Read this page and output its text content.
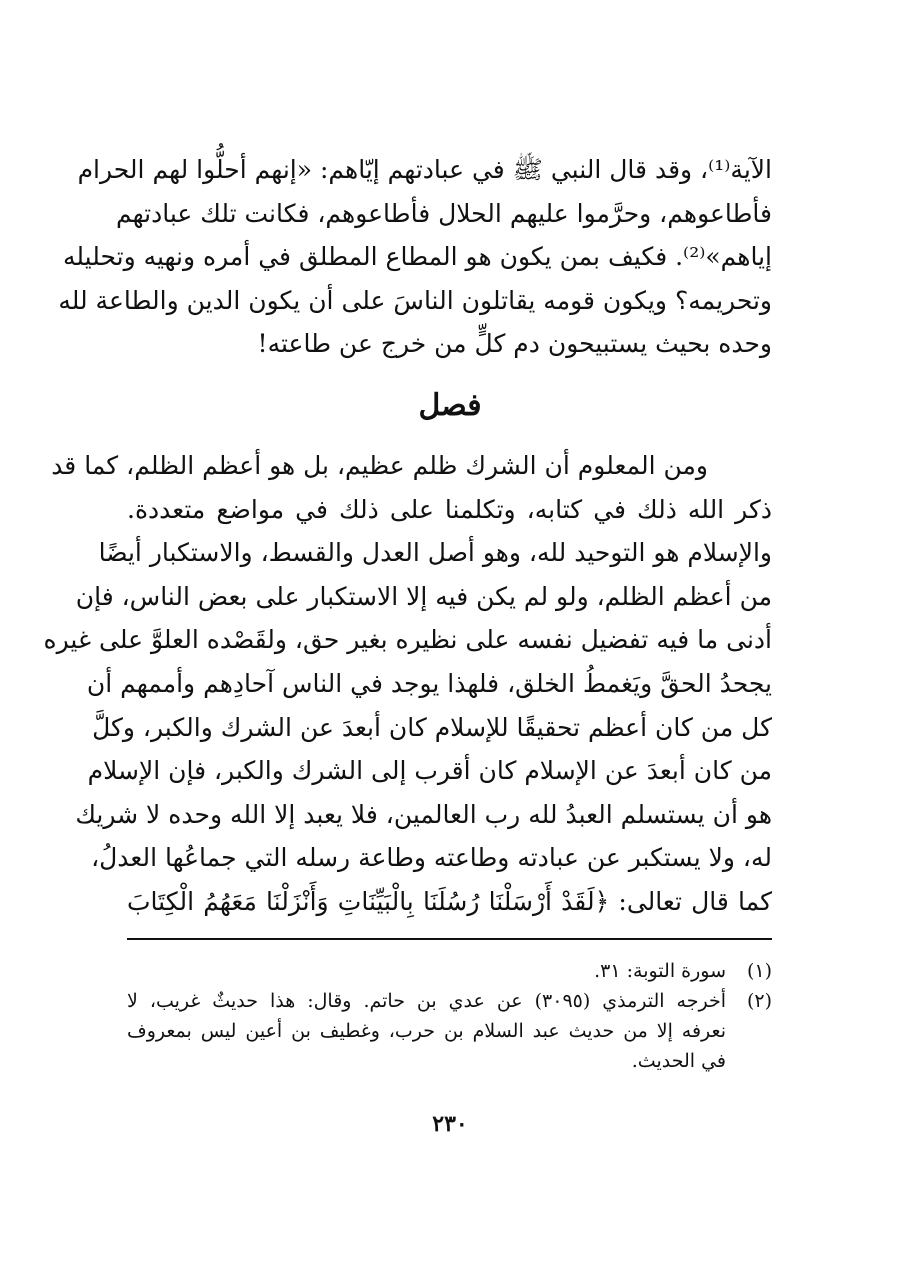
الآية⁽¹⁾، وقد قال النبي ﷺ في عبادتهم إيّاهم: «إنهم أحلُّوا لهم الحرام
فأطاعوهم، وحرَّموا عليهم الحلال فأطاعوهم، فكانت تلك عبادتهم
إياهم»⁽²⁾. فكيف بمن يكون هو المطاع المطلق في أمره ونهيه وتحليله
وتحريمه؟ ويكون قومه يقاتلون الناسَ على أن يكون الدين والطاعة لله
وحده بحيث يستبيحون دم كلٍّ من خرج عن طاعته!
فصل
ومن المعلوم أن الشرك ظلم عظيم، بل هو أعظم الظلم، كما قد
ذكر الله ذلك في كتابه، وتكلمنا على ذلك في مواضع متعددة.
والإسلام هو التوحيد لله، وهو أصل العدل والقسط، والاستكبار أيضًا
من أعظم الظلم، ولو لم يكن فيه إلا الاستكبار على بعض الناس، فإن
أدنى ما فيه تفضيل نفسه على نظيره بغير حق، ولقَصْده العلوَّ على غيره
يجحدُ الحقَّ ويَغمطُ الخلق، فلهذا يوجد في الناس آحادِهم وأممهم أن
كل من كان أعظم تحقيقًا للإسلام كان أبعدَ عن الشرك والكبر، وكلَّ
من كان أبعدَ عن الإسلام كان أقرب إلى الشرك والكبر، فإن الإسلام
هو أن يستسلم العبدُ لله رب العالمين، فلا يعبد إلا الله وحده لا شريك
له، ولا يستكبر عن عبادته وطاعته وطاعة رسله التي جماعُها العدلُ،
كما قال تعالى: ﴿لَقَدْ أَرْسَلْنَا رُسُلَنَا بِالْبَيِّنَاتِ وَأَنْزَلْنَا مَعَهُمُ الْكِتَابَ
(١)
سورة التوبة: ٣١.
(٢)
أخرجه الترمذي (٣٠٩٥) عن عدي بن حاتم. وقال: هذا حديثٌ غريب، لا
نعرفه إلا من حديث عبد السلام بن حرب، وغطيف بن أعين ليس بمعروف
في الحديث.
٢٣٠
